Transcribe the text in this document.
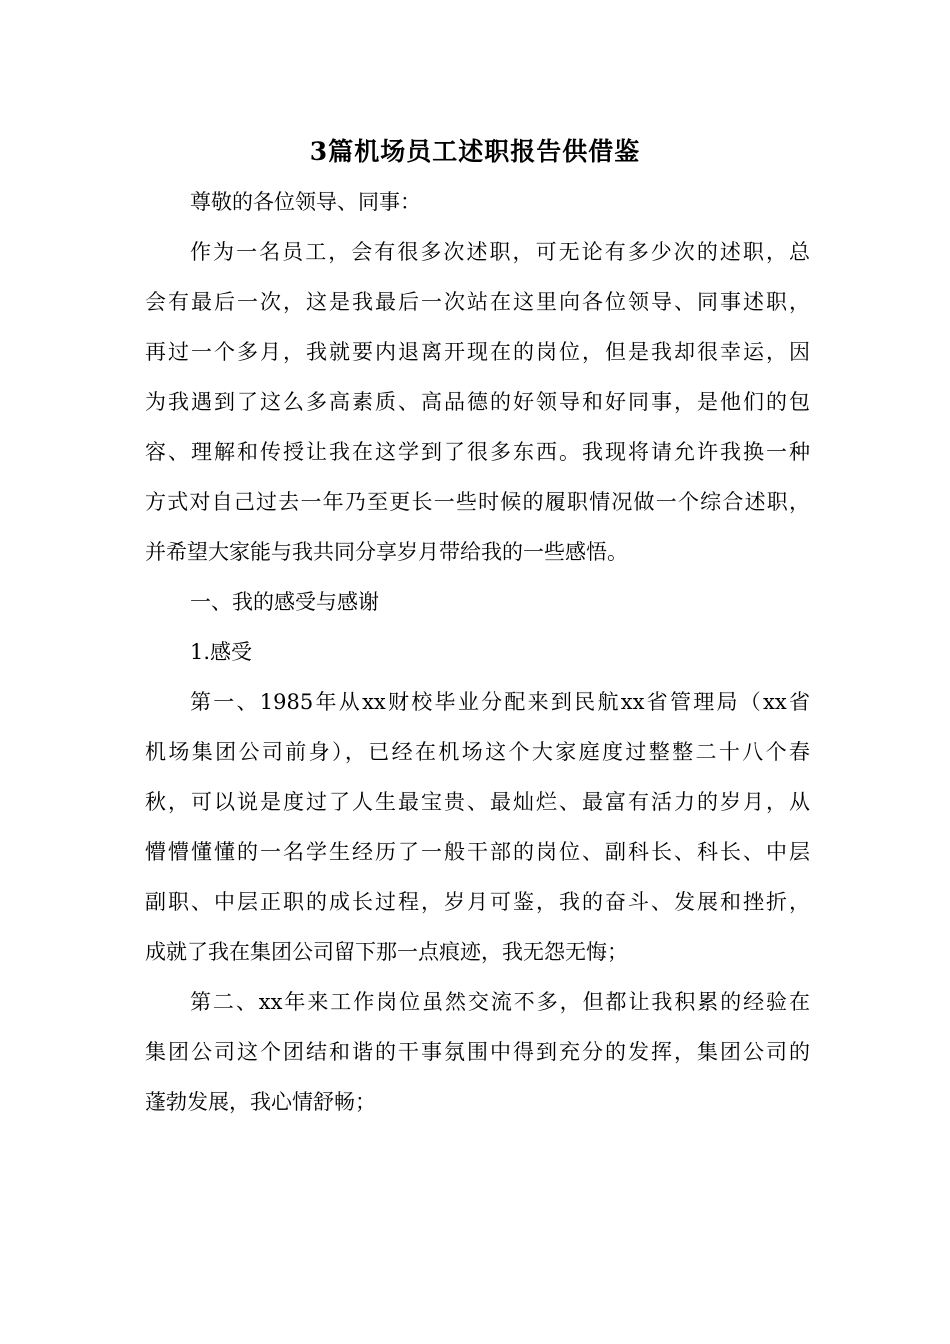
3篇机场员工述职报告供借鉴
尊敬的各位领导、同事：
作为一名员工，会有很多次述职，可无论有多少次的述职，总
会有最后一次，这是我最后一次站在这里向各位领导、同事述职，
再过一个多月，我就要内退离开现在的岗位，但是我却很幸运，因
为我遇到了这么多高素质、高品德的好领导和好同事，是他们的包
容、理解和传授让我在这学到了很多东西。我现将请允许我换一种
方式对自己过去一年乃至更长一些时候的履职情况做一个综合述职，
并希望大家能与我共同分享岁月带给我的一些感悟。
一、我的感受与感谢
1.感受
第一、1985年从xx财校毕业分配来到民航xx省管理局（xx省
机场集团公司前身），已经在机场这个大家庭度过整整二十八个春
秋，可以说是度过了人生最宝贵、最灿烂、最富有活力的岁月，从
懵懵懂懂的一名学生经历了一般干部的岗位、副科长、科长、中层
副职、中层正职的成长过程，岁月可鉴，我的奋斗、发展和挫折，
成就了我在集团公司留下那一点痕迹，我无怨无悔；
第二、xx年来工作岗位虽然交流不多，但都让我积累的经验在
集团公司这个团结和谐的干事氛围中得到充分的发挥，集团公司的
蓬勃发展，我心情舒畅；
